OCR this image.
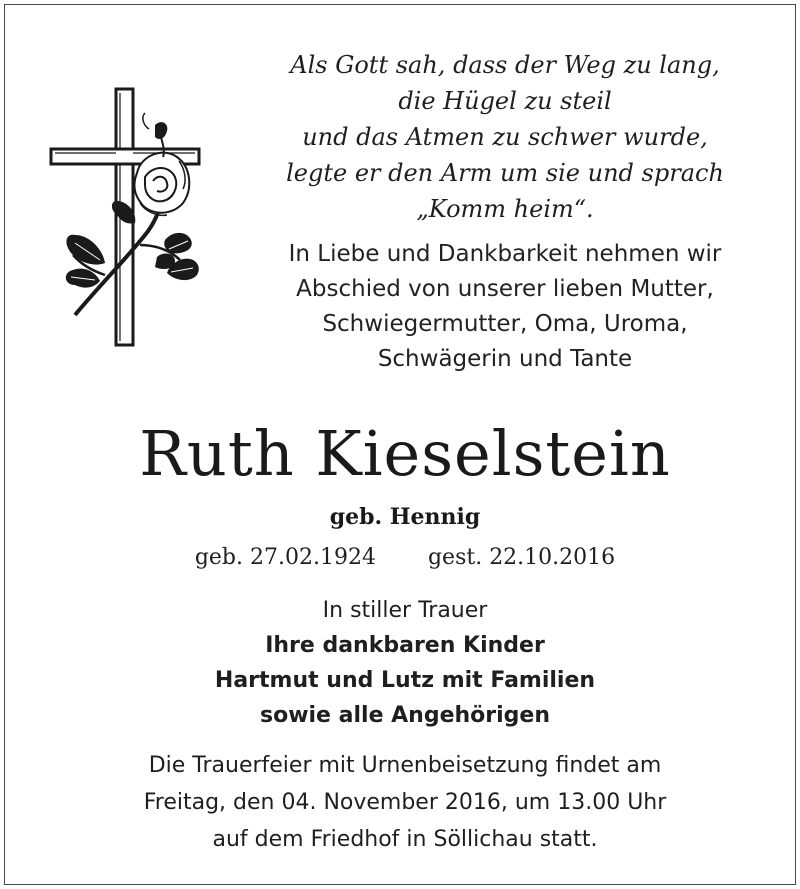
Als Gott sah, dass der Weg zu lang,
die Hügel zu steil
und das Atmen zu schwer wurde,
legte er den Arm um sie und sprach
„Komm heim“.
In Liebe und Dankbarkeit nehmen wir
Abschied von unserer lieben Mutter,
Schwiegermutter, Oma, Uroma,
Schwägerin und Tante
Ruth Kieselstein
geb. Hennig
geb. 27.02.1924 gest. 22.10.2016
In stiller Trauer
Ihre dankbaren Kinder
Hartmut und Lutz mit Familien
sowie alle Angehörigen
Die Trauerfeier mit Urnenbeisetzung findet am
Freitag, den 04. November 2016, um 13.00 Uhr
auf dem Friedhof in Söllichau statt.
